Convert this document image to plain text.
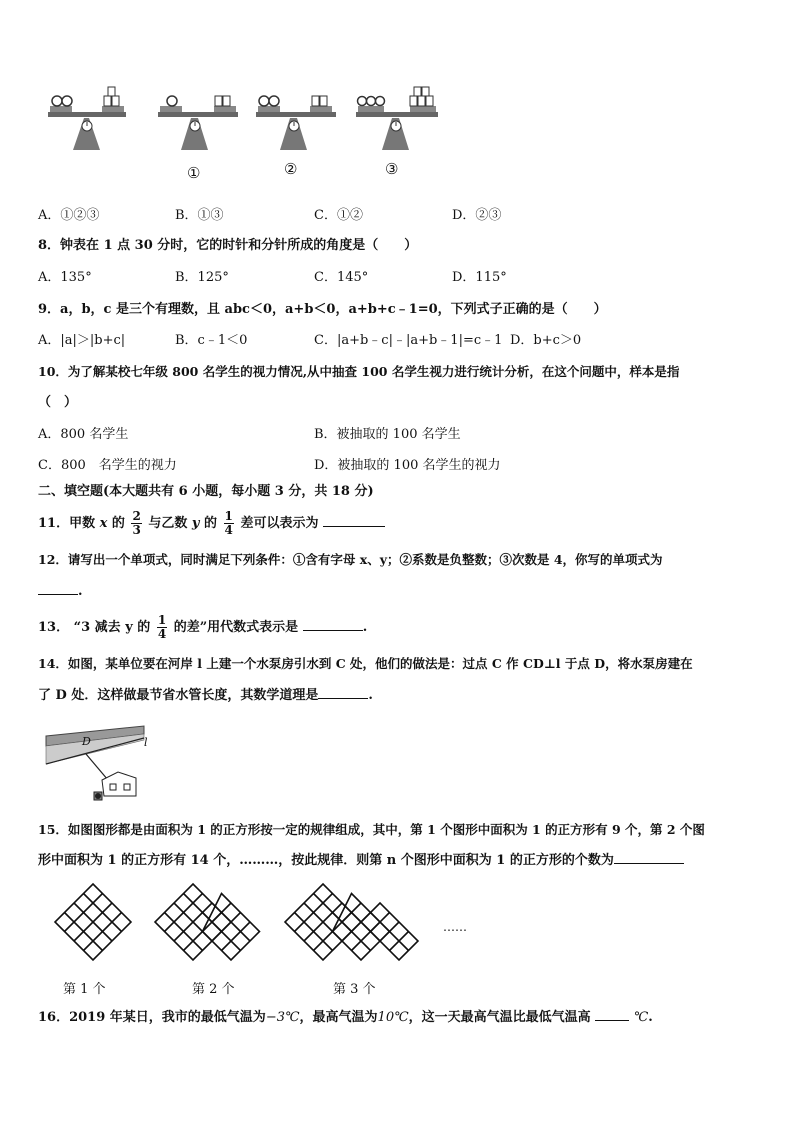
①	②	③
A．①②③	B．①③	C．①②	D．②③
8．钟表在 1 点 30 分时，它的时针和分针所成的角度是（　　）
A．135°	B．125°	C．145°	D．115°
9．a，b，c 是三个有理数，且 abc＜0，a+b＜0，a+b+c﹣1=0，下列式子正确的是（　　）
A．|a|＞|b+c|	B．c﹣1＜0	C．|a+b﹣c|﹣|a+b﹣1|=c﹣1 D．b+c＞0
10．为了解某校七年级 800 名学生的视力情况,从中抽查 100 名学生视力进行统计分析，在这个问题中，样本是指
（　）
A．800 名学生	B．被抽取的 100 名学生
C．800　名学生的视力	D．被抽取的 100 名学生的视力
二、填空题(本大题共有 6 小题，每小题 3 分，共 18 分)
11．甲数 x 的 $\frac{2}{3}$ 与乙数 y 的 $\frac{1}{4}$ 差可以表示为
12．请写出一个单项式，同时满足下列条件：①含有字母 x、y；②系数是负整数；③次数是 4，你写的单项式为
.
13． “3 减去 y 的 $\frac{1}{4}$ 的差”用代数式表示是	.
14．如图，某单位要在河岸 l 上建一个水泵房引水到 C 处，他们的做法是：过点 C 作 CD⊥l 于点 D，将水泵房建在
了 D 处．这样做最节省水管长度，其数学道理是	.
D	l
15．如图图形都是由面积为 1 的正方形按一定的规律组成，其中，第 1 个图形中面积为 1 的正方形有 9 个，第 2 个图
形中面积为 1 的正方形有 14 个，………，按此规律．则第 n 个图形中面积为 1 的正方形的个数为
……
第 1 个	第 2 个	第 3 个
16．2019 年某日，我市的最低气温为−3℃，最高气温为10℃，这一天最高气温比最低气温高	℃.
